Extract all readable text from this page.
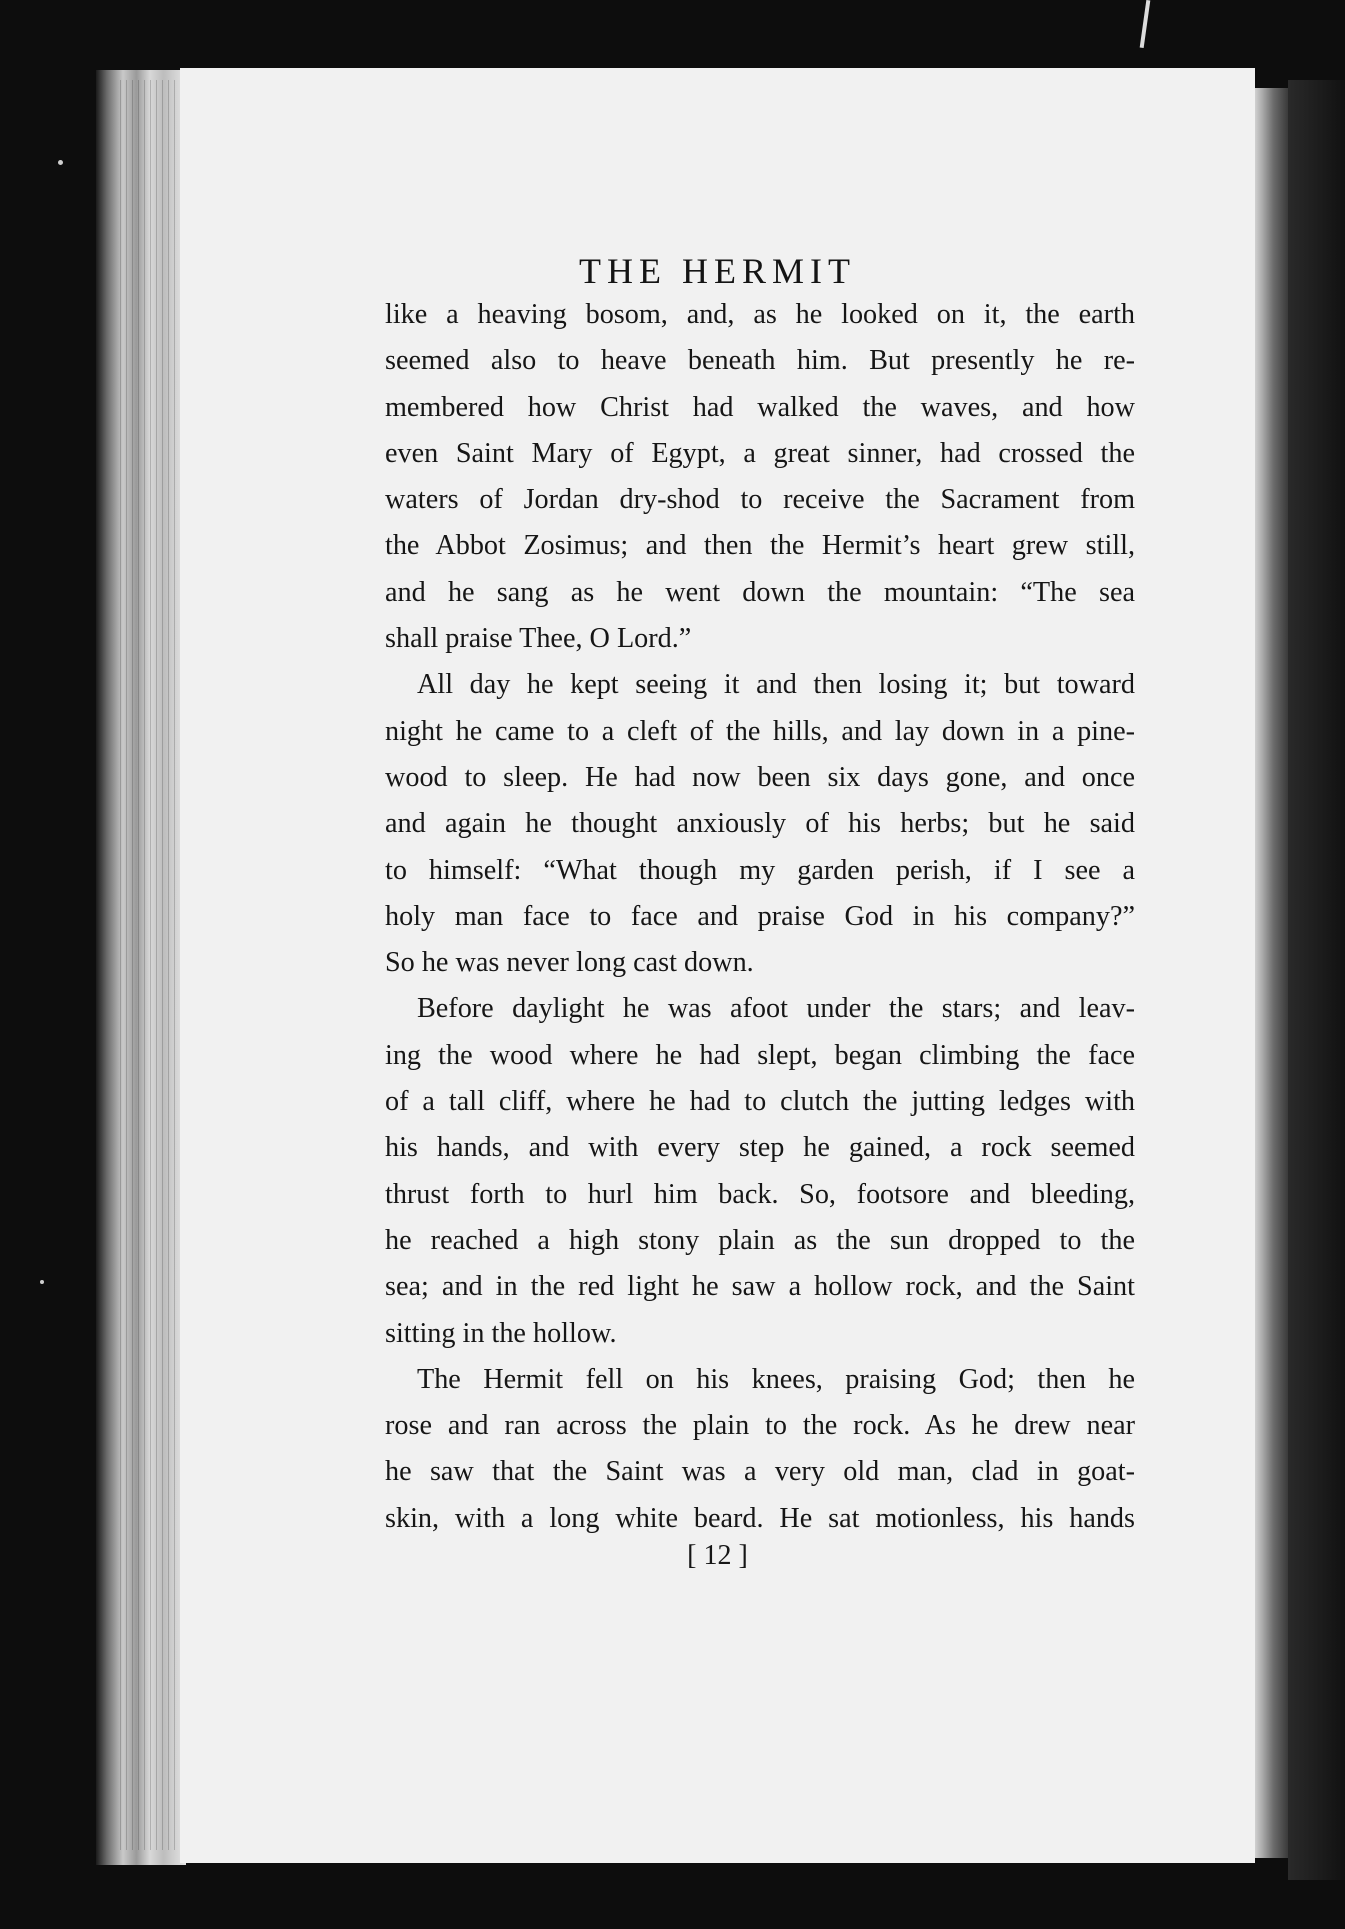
THE HERMIT
like a heaving bosom, and, as he looked on it, the earth
seemed also to heave beneath him. But presently he re-
membered how Christ had walked the waves, and how
even Saint Mary of Egypt, a great sinner, had crossed the
waters of Jordan dry-shod to receive the Sacrament from
the Abbot Zosimus; and then the Hermit’s heart grew still,
and he sang as he went down the mountain: “The sea
shall praise Thee, O Lord.”
All day he kept seeing it and then losing it; but toward
night he came to a cleft of the hills, and lay down in a pine-
wood to sleep. He had now been six days gone, and once
and again he thought anxiously of his herbs; but he said
to himself: “What though my garden perish, if I see a
holy man face to face and praise God in his company?”
So he was never long cast down.
Before daylight he was afoot under the stars; and leav-
ing the wood where he had slept, began climbing the face
of a tall cliff, where he had to clutch the jutting ledges with
his hands, and with every step he gained, a rock seemed
thrust forth to hurl him back. So, footsore and bleeding,
he reached a high stony plain as the sun dropped to the
sea; and in the red light he saw a hollow rock, and the Saint
sitting in the hollow.
The Hermit fell on his knees, praising God; then he
rose and ran across the plain to the rock. As he drew near
he saw that the Saint was a very old man, clad in goat-
skin, with a long white beard. He sat motionless, his hands
[ 12 ]
